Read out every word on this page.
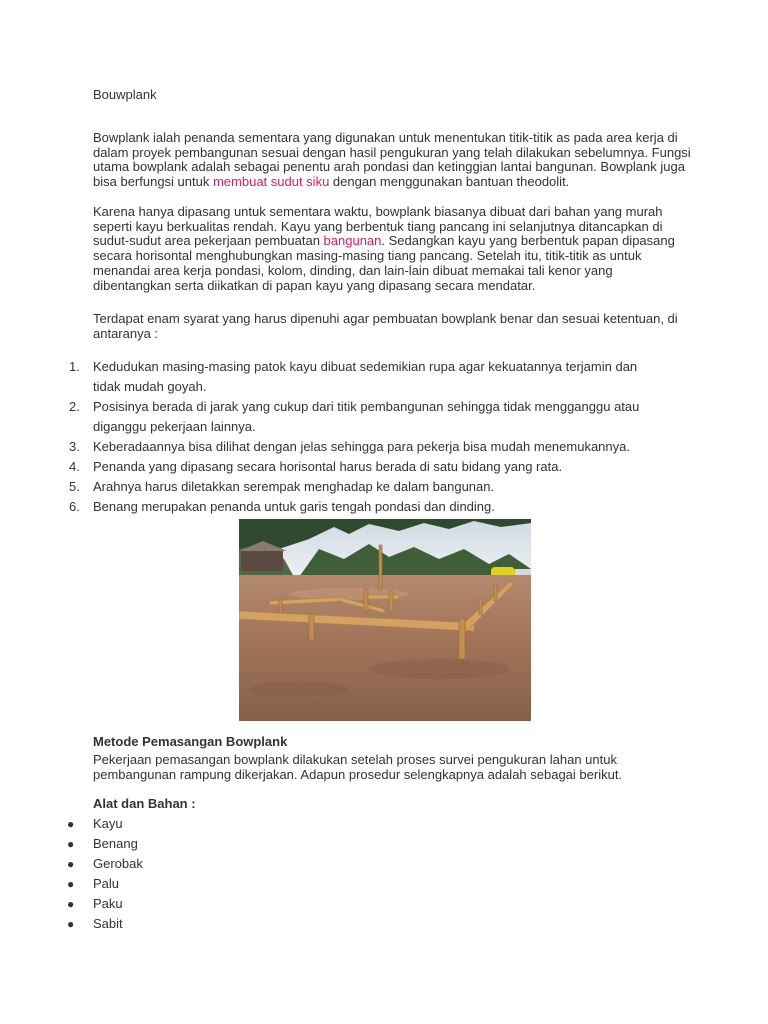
Bouwplank

Bowplank ialah penanda sementara yang digunakan untuk menentukan titik-titik as pada area kerja di dalam proyek pembangunan sesuai dengan hasil pengukuran yang telah dilakukan sebelumnya. Fungsi utama bowplank adalah sebagai penentu arah pondasi dan ketinggian lantai bangunan. Bowplank juga bisa berfungsi untuk membuat sudut siku dengan menggunakan bantuan theodolit.

Karena hanya dipasang untuk sementara waktu, bowplank biasanya dibuat dari bahan yang murah seperti kayu berkualitas rendah. Kayu yang berbentuk tiang pancang ini selanjutnya ditancapkan di sudut-sudut area pekerjaan pembuatan bangunan. Sedangkan kayu yang berbentuk papan dipasang secara horisontal menghubungkan masing-masing tiang pancang. Setelah itu, titik-titik as untuk menandai area kerja pondasi, kolom, dinding, dan lain-lain dibuat memakai tali kenor yang dibentangkan serta diikatkan di papan kayu yang dipasang secara mendatar.

Terdapat enam syarat yang harus dipenuhi agar pembuatan bowplank benar dan sesuai ketentuan, di antaranya :

1. Kedudukan masing-masing patok kayu dibuat sedemikian rupa agar kekuatannya terjamin dan
tidak mudah goyah.
2. Posisinya berada di jarak yang cukup dari titik pembangunan sehingga tidak mengganggu atau
diganggu pekerjaan lainnya.
3. Keberadaannya bisa dilihat dengan jelas sehingga para pekerja bisa mudah menemukannya.
4. Penanda yang dipasang secara horisontal harus berada di satu bidang yang rata.
5. Arahnya harus diletakkan serempak menghadap ke dalam bangunan.
6. Benang merupakan penanda untuk garis tengah pondasi dan dinding.
Metode Pemasangan Bowplank

Pekerjaan pemasangan bowplank dilakukan setelah proses survei pengukuran lahan untuk pembangunan rampung dikerjakan. Adapun prosedur selengkapnya adalah sebagai berikut.

Alat dan Bahan :
● Kayu
● Benang
● Gerobak
● Palu
● Paku
● Sabit
